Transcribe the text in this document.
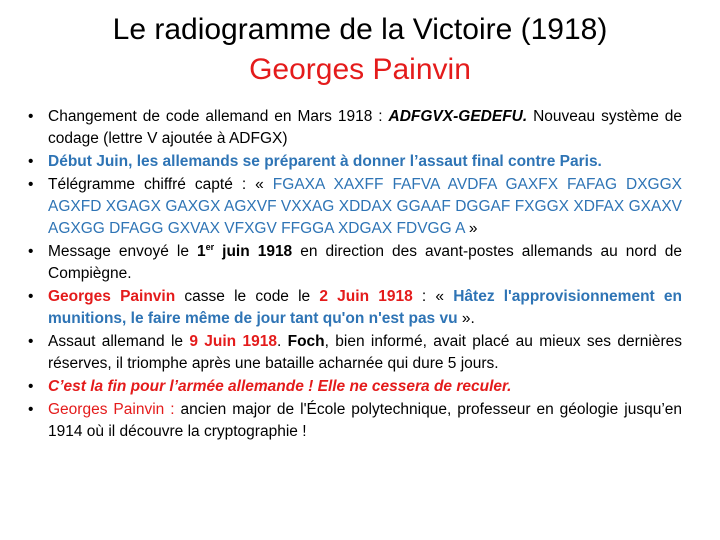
Le radiogramme de la Victoire (1918)
Georges Painvin
• Changement de code allemand en Mars 1918 : ADFGVX-GEDEFU. Nouveau système de codage (lettre V ajoutée à ADFGX)
• Début Juin, les allemands se préparent à donner l’assaut final contre Paris.
• Télégramme chiffré capté : « FGAXA XAXFF FAFVA AVDFA GAXFX FAFAG DXGGX AGXFD XGAGX GAXGX AGXVF VXXAG XDDAX GGAAF DGGAF FXGGX XDFAX GXAXV AGXGG DFAGG GXVAX VFXGV FFGGA XDGAX FDVGG A »
• Message envoyé le 1er juin 1918 en direction des avant-postes allemands au nord de Compiègne.
• Georges Painvin casse le code le 2 Juin 1918 : « Hâtez l'approvisionnement en munitions, le faire même de jour tant qu'on n'est pas vu ».
• Assaut allemand le 9 Juin 1918. Foch, bien informé, avait placé au mieux ses dernières réserves, il triomphe après une bataille acharnée qui dure 5 jours.
• C’est la fin pour l’armée allemande ! Elle ne cessera de reculer.
• Georges Painvin : ancien major de l'École polytechnique, professeur en géologie jusqu’en 1914 où il découvre la cryptographie !
